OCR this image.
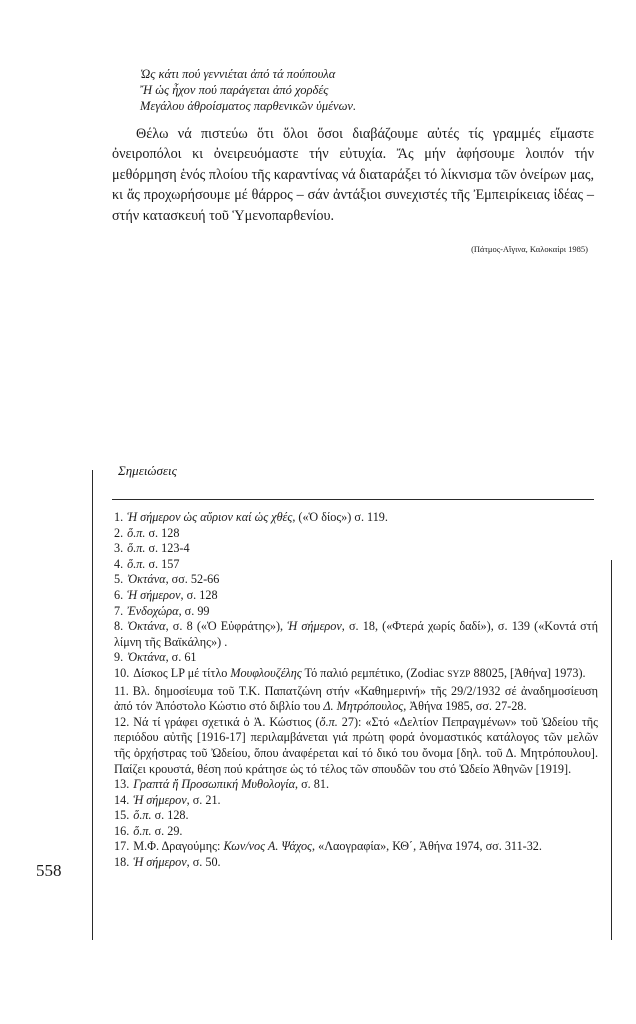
Ὡς κάτι πού γεννιέται ἀπό τά πούπουλα
Ἤ ὡς ἦχον πού παράγεται ἀπό χορδές
Μεγάλου ἀθροίσματος παρθενικῶν ὑμένων.

Θέλω νά πιστεύω ὅτι ὅλοι ὅσοι διαβάζουμε αὐτές τίς γραμμές εἴμαστε ὀνειροπόλοι κι ὀνειρευόμαστε τήν εὐτυχία. Ἄς μήν ἀφήσουμε λοιπόν τήν μεθόρμηση ἑνός πλοίου τῆς καραντίνας νά διαταράξει τό λίκνισμα τῶν ὀνείρων μας, κι ἄς προχωρήσουμε μέ θάρρος – σάν ἀντάξιοι συνεχιστές τῆς Ἐμπειρίκειας ἰδέας – στήν κατασκευή τοῦ Ὑμενοπαρθενίου.

(Πάτμος-Αἴγινα, Καλοκαίρι 1985)
Σημειώσεις
1. Ἡ σήμερον ὡς αὔριον καί ὡς χθές, («Ὁ δίος») σ. 119.
2. ὅ.π. σ. 128
3. ὅ.π. σ. 123-4
4. ὅ.π. σ. 157
5. Ὀκτάνα, σσ. 52-66
6. Ἡ σήμερον, σ. 128
7. Ἐνδοχώρα, σ. 99
8. Ὀκτάνα, σ. 8 («Ὁ Εὐφράτης»), Ἡ σήμερον, σ. 18, («Φτερά χωρίς δαδί»), σ. 139 («Κοντά στή λίμνη τῆς Βαϊκάλης») .
9. Ὀκτάνα, σ. 61
10. Δίσκος LP μέ τίτλο Μουφλουζέλης Τό παλιό ρεμπέτικο, (Zodiac SYZP 88025, [Ἀθήνα] 1973).
11. Βλ. δημοσίευμα τοῦ Τ.Κ. Παπατζώνη στήν «Καθημερινή» τῆς 29/2/1932 σέ ἀναδημοσίευση ἀπό τόν Ἀπόστολο Κώστιο στό διβλίο του Δ. Μητρόπουλος, Ἀθήνα 1985, σσ. 27-28.
12. Νά τί γράφει σχετικά ὁ Ἀ. Κώστιος (ὅ.π. 27): «Στό «Δελτίον Πεπραγμένων» τοῦ Ὠδείου τῆς περιόδου αὐτῆς [1916-17] περιλαμβάνεται γιά πρώτη φορά ὀνομαστικός κατάλογος τῶν μελῶν τῆς ὀρχήστρας τοῦ Ὠδείου, ὅπου ἀναφέρεται καί τό δικό του ὄνομα [δηλ. τοῦ Δ. Μητρόπουλου]. Παίζει κρουστά, θέση πού κράτησε ὡς τό τέλος τῶν σπουδῶν του στό Ὠδείο Ἀθηνῶν [1919].
13. Γραπτά ἤ Προσωπική Μυθολογία, σ. 81.
14. Ἡ σήμερον, σ. 21.
15. ὅ.π. σ. 128.
16. ὅ.π. σ. 29.
17. Μ.Φ. Δραγούμης: Κων/νος Α. Ψάχος, «Λαογραφία», ΚΘ΄, Ἀθήνα 1974, σσ. 311-32.
18. Ἡ σήμερον, σ. 50.
558
